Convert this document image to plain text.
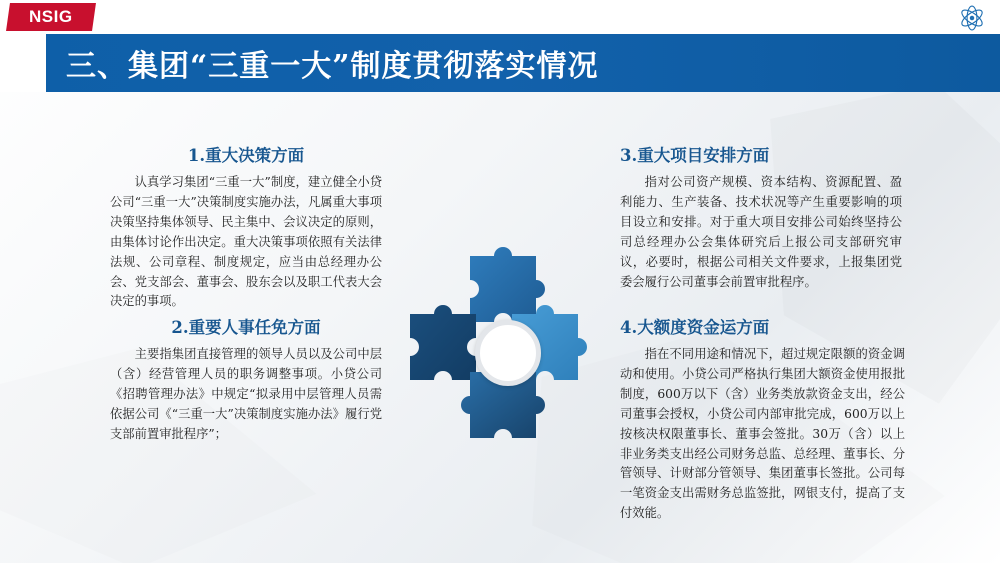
NSIG
三、集团“三重一大”制度贯彻落实情况
1.重大决策方面
认真学习集团“三重一大”制度，建立健全小贷公司“三重一大”决策制度实施办法，凡属重大事项决策坚持集体领导、民主集中、会议决定的原则，由集体讨论作出决定。重大决策事项依照有关法律法规、公司章程、制度规定，应当由总经理办公会、党支部会、董事会、股东会以及职工代表大会决定的事项。
2.重要人事任免方面
主要指集团直接管理的领导人员以及公司中层（含）经营管理人员的职务调整事项。小贷公司《招聘管理办法》中规定“拟录用中层管理人员需依据公司《“三重一大”决策制度实施办法》履行党支部前置审批程序”；
3.重大项目安排方面
指对公司资产规模、资本结构、资源配置、盈利能力、生产装备、技术状况等产生重要影响的项目设立和安排。对于重大项目安排公司始终坚持公司总经理办公会集体研究后上报公司支部研究审议，必要时，根据公司相关文件要求，上报集团党委会履行公司董事会前置审批程序。
4.大额度资金运方面
指在不同用途和情况下，超过规定限额的资金调动和使用。小贷公司严格执行集团大额资金使用报批制度，600万以下（含）业务类放款资金支出，经公司董事会授权，小贷公司内部审批完成，600万以上按核决权限董事长、董事会签批。30万（含）以上非业务类支出经公司财务总监、总经理、董事长、分管领导、计财部分管领导、集团董事长签批。公司每一笔资金支出需财务总监签批，网银支付，提高了支付效能。
